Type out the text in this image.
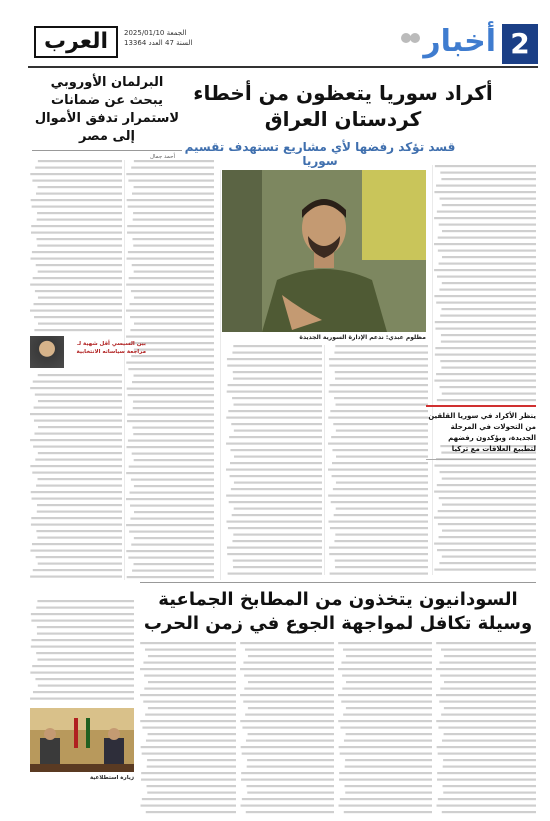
2
أخبار
العرب	الجمعة 2025/01/10
السنة 47 العدد 13364
أكراد سوريا يتعظون من أخطاء
كردستان العراق
قسد تؤكد رفضها لأي مشاريع تستهدف تقسيم سوريا
البرلمان الأوروبي يبحث عن ضمانات لاستمرار تدفق الأموال إلى مصر
أحمد جمال
مظلوم عبدي: ندعم الإدارة السورية الجديدة
ينظر الأكراد في سوريا القلقين من التحولات في المرحلة الجديدة، ويؤكدون رفضهم لتطبيع العلاقات مع تركيا
بين السيسي أقل شهية لـ مراجعة سياساته الانتخابية
السودانيون يتخذون من المطابخ الجماعية
وسيلة تكافل لمواجهة الجوع في زمن الحرب
زيارة استطلاعية
